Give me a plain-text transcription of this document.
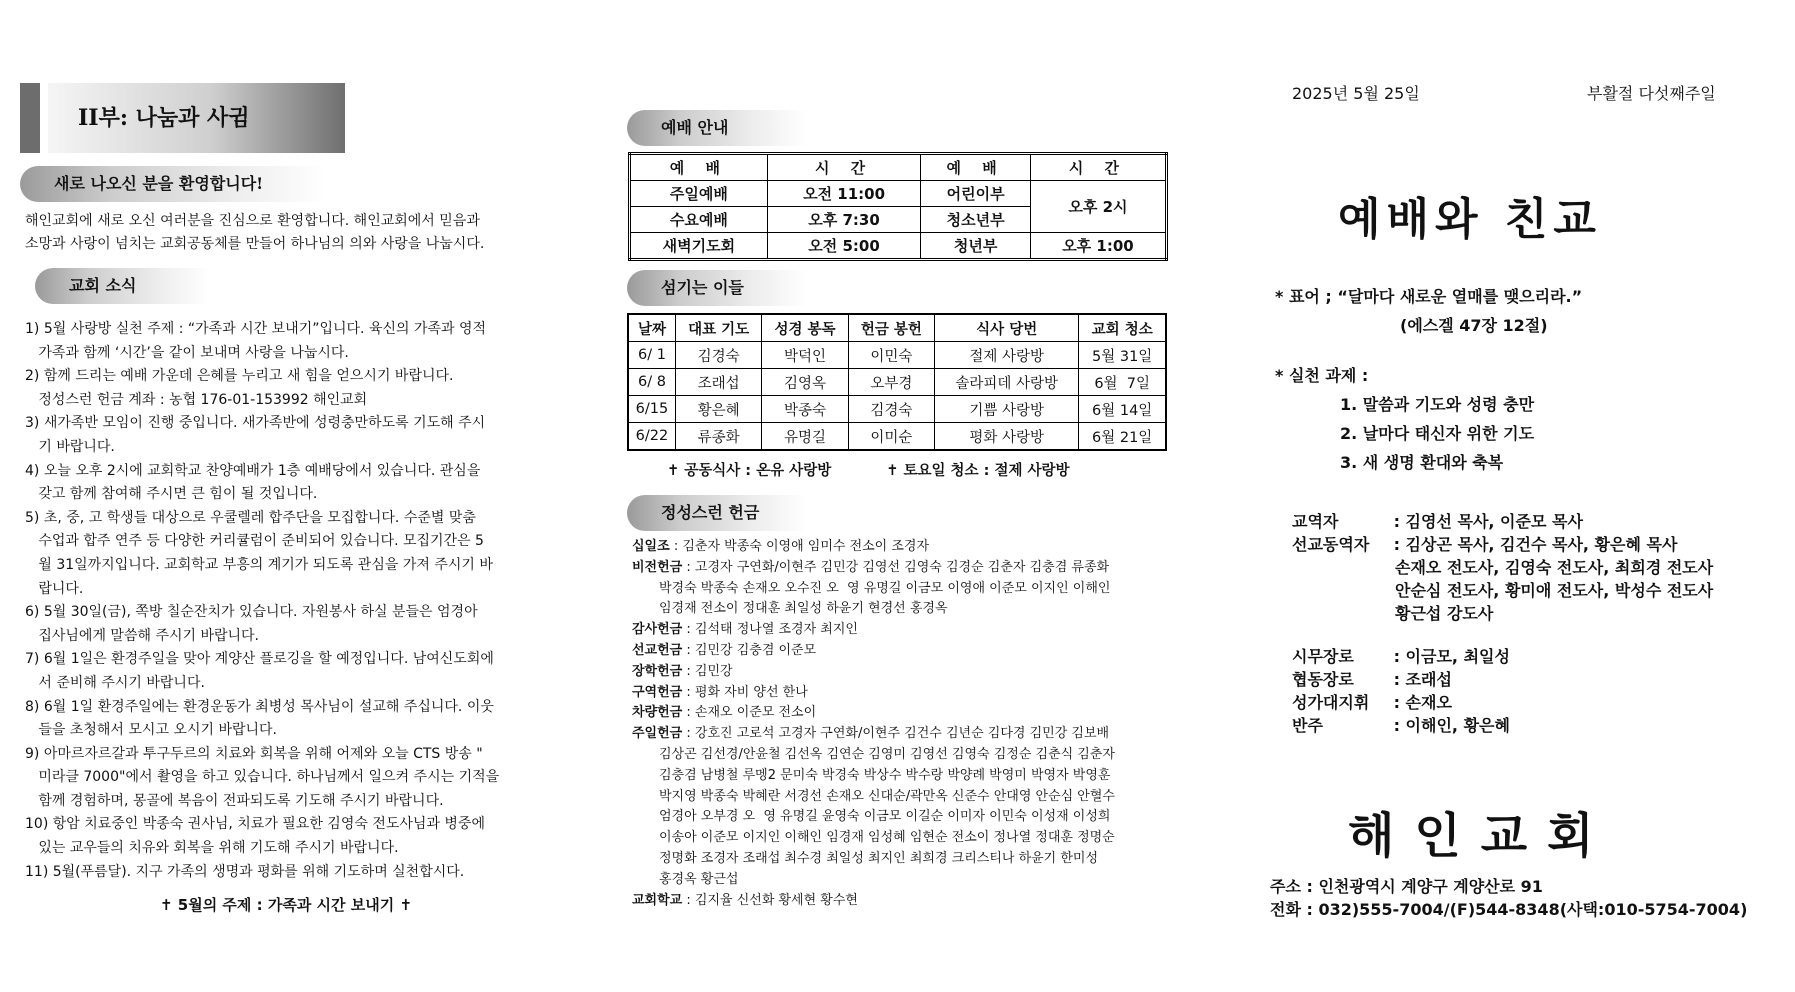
II부: 나눔과 사귐
새로 나오신 분을 환영합니다!
해인교회에 새로 오신 여러분을 진심으로 환영합니다. 해인교회에서 믿음과
소망과 사랑이 넘치는 교회공동체를 만들어 하나님의 의와 사랑을 나눕시다.
교회 소식
1) 5월 사랑방 실천 주제 : “가족과 시간 보내기”입니다. 육신의 가족과 영적
가족과 함께 ‘시간’을 같이 보내며 사랑을 나눕시다.
2) 함께 드리는 예배 가운데 은혜를 누리고 새 힘을 얻으시기 바랍니다.
정성스런 헌금 계좌 : 농협 176-01-153992 해인교회
3) 새가족반 모임이 진행 중입니다. 새가족반에 성령충만하도록 기도해 주시
기 바랍니다.
4) 오늘 오후 2시에 교회학교 찬양예배가 1층 예배당에서 있습니다. 관심을
갖고 함께 참여해 주시면 큰 힘이 될 것입니다.
5) 초, 중, 고 학생들 대상으로 우쿨렐레 합주단을 모집합니다. 수준별 맞춤
수업과 합주 연주 등 다양한 커리큘럼이 준비되어 있습니다. 모집기간은 5
월 31일까지입니다. 교회학교 부흥의 계기가 되도록 관심을 가져 주시기 바
랍니다.
6) 5월 30일(금), 쪽방 칠순잔치가 있습니다. 자원봉사 하실 분들은 엄경아
집사님에게 말씀해 주시기 바랍니다.
7) 6월 1일은 환경주일을 맞아 계양산 플로깅을 할 예정입니다. 남여신도회에
서 준비해 주시기 바랍니다.
8) 6월 1일 환경주일에는 환경운동가 최병성 목사님이 설교해 주십니다. 이웃
들을 초청해서 모시고 오시기 바랍니다.
9) 아마르자르갈과 투구두르의 치료와 회복을 위해 어제와 오늘 CTS 방송 "
미라클 7000"에서 촬영을 하고 있습니다. 하나님께서 일으켜 주시는 기적을
함께 경험하며, 몽골에 복음이 전파되도록 기도해 주시기 바랍니다.
10) 항암 치료중인 박종숙 권사님, 치료가 필요한 김영숙 전도사님과 병중에
있는 교우들의 치유와 회복을 위해 기도해 주시기 바랍니다.
11) 5월(푸름달). 지구 가족의 생명과 평화를 위해 기도하며 실천합시다.
✝ 5월의 주제 : 가족과 시간 보내기 ✝
예배 안내
예 배	시 간	예 배	시 간
주일예배	오전 11:00	어린이부	오후 2시
수요예배	오후 7:30	청소년부	
새벽기도회	오전 5:00	청년부	오후 1:00
섬기는 이들
날짜	대표 기도	성경 봉독	헌금 봉헌	식사 당번	교회 청소
6/ 1	김경숙	박덕인	이민숙	절제 사랑방	5월 31일
6/ 8	조래섭	김영옥	오부경	솔라피데 사랑방	6월  7일
6/15	황은혜	박종숙	김경숙	기쁨 사랑방	6월 14일
6/22	류종화	유명길	이미순	평화 사랑방	6월 21일
✝ 공동식사 : 온유 사랑방	✝ 토요일 청소 : 절제 사랑방
정성스런 헌금
십일조 : 김춘자 박종숙 이영애 임미수 전소이 조경자
비전헌금 : 고경자 구연화/이현주 김민강 김영선 김영숙 김경순 김춘자 김충겸 류종화
박경숙 박종숙 손재오 오수진 오  영 유명길 이금모 이영애 이준모 이지인 이해인
임경재 전소이 정대훈 최일성 하윤기 현경선 홍경옥
감사헌금 : 김석태 정나열 조경자 최지인
선교헌금 : 김민강 김충겸 이준모
장학헌금 : 김민강
구역헌금 : 평화 자비 양선 한나
차량헌금 : 손재오 이준모 전소이
주일헌금 : 강호진 고로석 고경자 구연화/이현주 김건수 김년순 김다경 김민강 김보배
김상곤 김선경/안윤철 김선옥 김연순 김영미 김영선 김영숙 김정순 김춘식 김춘자
김충겸 남병철 루멩2 문미숙 박경숙 박상수 박수랑 박양례 박영미 박영자 박영훈
박지영 박종숙 박혜란 서경선 손재오 신대순/곽만옥 신준수 안대영 안순심 안혈수
엄경아 오부경 오  영 유명길 윤영숙 이금모 이길순 이미자 이민숙 이성재 이성희
이송아 이준모 이지인 이해인 임경재 임성혜 임현순 전소이 정나열 정대훈 정명순
정명화 조경자 조래섭 최수경 최일성 최지인 최희경 크리스티나 하윤기 한미성
홍경옥 황근섭
교회학교 : 김지율 신선화 황세현 황수현
2025년 5월 25일	부활절 다섯째주일
예배와 친교
* 표어 ; “달마다 새로운 열매를 맺으리라.”
(에스겔 47장 12절)
* 실천 과제 :
1. 말씀과 기도와 성령 충만
2. 날마다 태신자 위한 기도
3. 새 생명 환대와 축복
교역자	: 김영선 목사, 이준모 목사
선교동역자 : 김상곤 목사, 김건수 목사, 황은혜 목사
손재오 전도사, 김영숙 전도사, 최희경 전도사
안순심 전도사, 황미애 전도사, 박성수 전도사
황근섭 강도사
시무장로 : 이금모, 최일성
협동장로 : 조래섭
성가대지휘 : 손재오
반주	: 이해인, 황은혜
해인교회
주소 : 인천광역시 계양구 계양산로 91
전화 : 032)555-7004/(F)544-8348(사택:010-5754-7004)
